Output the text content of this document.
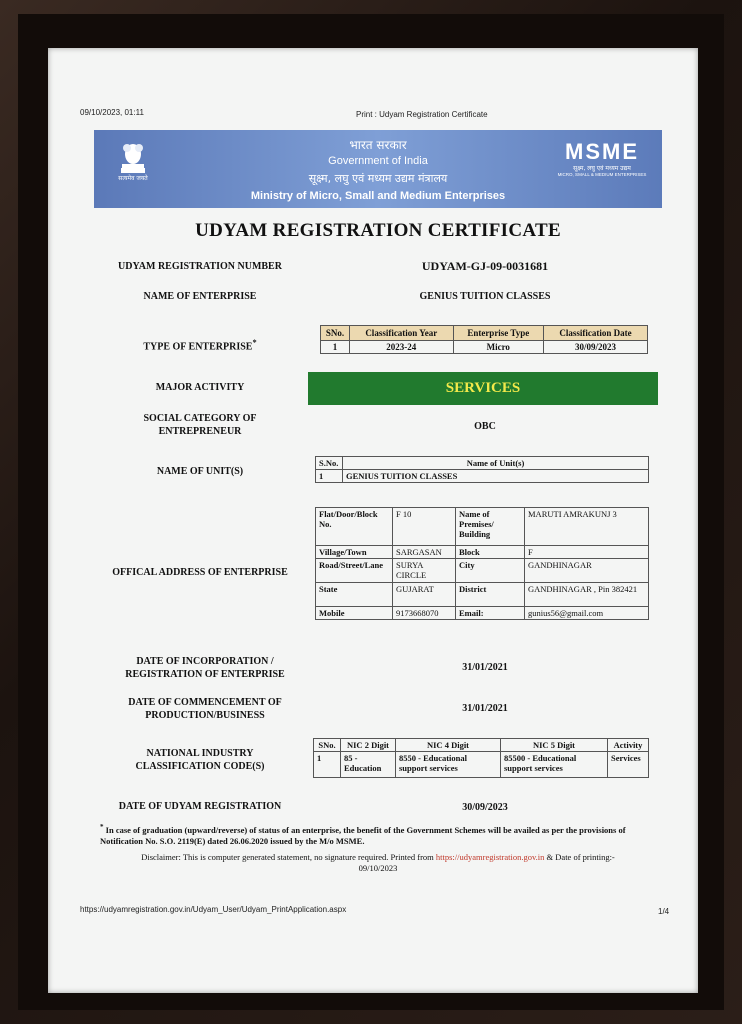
09/10/2023, 01:11	Print : Udyam Registration Certificate
सत्यमेव जयते
भारत सरकार
Government of India
सूक्ष्म, लघु एवं मध्यम उद्यम मंत्रालय
Ministry of Micro, Small and Medium Enterprises
MSME
सूक्ष्म, लघु एवं मध्यम उद्यम
MICRO, SMALL & MEDIUM ENTERPRISES
UDYAM REGISTRATION CERTIFICATE
UDYAM REGISTRATION NUMBER	UDYAM-GJ-09-0031681
NAME OF ENTERPRISE	GENIUS TUITION CLASSES
TYPE OF ENTERPRISE*
SNo.	Classification Year	Enterprise Type	Classification Date
1	2023-24	Micro	30/09/2023
MAJOR ACTIVITY	SERVICES
SOCIAL CATEGORY OF
ENTREPRENEUR	OBC
NAME OF UNIT(S)
S.No.	Name of Unit(s)
1	GENIUS TUITION CLASSES
OFFICAL ADDRESS OF ENTERPRISE
Flat/Door/Block No.	F 10	Name of Premises/ Building	MARUTI AMRAKUNJ 3
Village/Town	SARGASAN	Block	F
Road/Street/Lane	SURYA CIRCLE	City	GANDHINAGAR
State	GUJARAT	District	GANDHINAGAR , Pin 382421
Mobile	9173668070	Email:	gunius56@gmail.com
DATE OF INCORPORATION /
REGISTRATION OF ENTERPRISE
31/01/2021
DATE OF COMMENCEMENT OF
PRODUCTION/BUSINESS
31/01/2021
NATIONAL INDUSTRY
CLASSIFICATION CODE(S)
SNo.	NIC 2 Digit	NIC 4 Digit	NIC 5 Digit	Activity
1	85 - Education	8550 - Educational support services	85500 - Educational support services	Services
DATE OF UDYAM REGISTRATION	30/09/2023
* In case of graduation (upward/reverse) of status of an enterprise, the benefit of the Government Schemes will be availed as per the provisions of Notification No. S.O. 2119(E) dated 26.06.2020 issued by the M/o MSME.
Disclaimer: This is computer generated statement, no signature required. Printed from https://udyamregistration.gov.in & Date of printing:-
09/10/2023
https://udyamregistration.gov.in/Udyam_User/Udyam_PrintApplication.aspx	1/4
